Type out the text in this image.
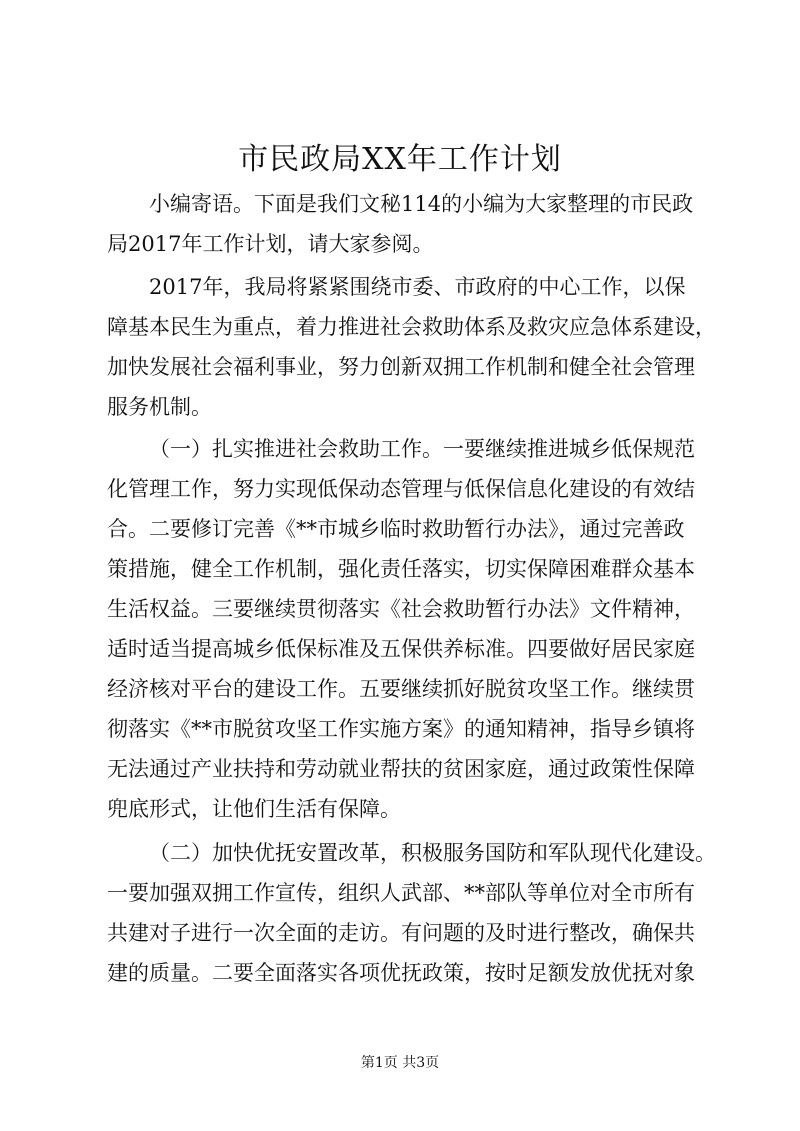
市民政局XX年工作计划
小编寄语。下面是我们文秘114的小编为大家整理的市民政
局2017年工作计划，请大家参阅。
2017年，我局将紧紧围绕市委、市政府的中心工作，以保
障基本民生为重点，着力推进社会救助体系及救灾应急体系建设，
加快发展社会福利事业，努力创新双拥工作机制和健全社会管理
服务机制。
（一）扎实推进社会救助工作。一要继续推进城乡低保规范
化管理工作，努力实现低保动态管理与低保信息化建设的有效结
合。二要修订完善《**市城乡临时救助暂行办法》，通过完善政
策措施，健全工作机制，强化责任落实，切实保障困难群众基本
生活权益。三要继续贯彻落实《社会救助暂行办法》文件精神，
适时适当提高城乡低保标准及五保供养标准。四要做好居民家庭
经济核对平台的建设工作。五要继续抓好脱贫攻坚工作。继续贯
彻落实《**市脱贫攻坚工作实施方案》的通知精神，指导乡镇将
无法通过产业扶持和劳动就业帮扶的贫困家庭，通过政策性保障
兜底形式，让他们生活有保障。
（二）加快优抚安置改革，积极服务国防和军队现代化建设。
一要加强双拥工作宣传，组织人武部、**部队等单位对全市所有
共建对子进行一次全面的走访。有问题的及时进行整改，确保共
建的质量。二要全面落实各项优抚政策，按时足额发放优抚对象
第1页 共3页
